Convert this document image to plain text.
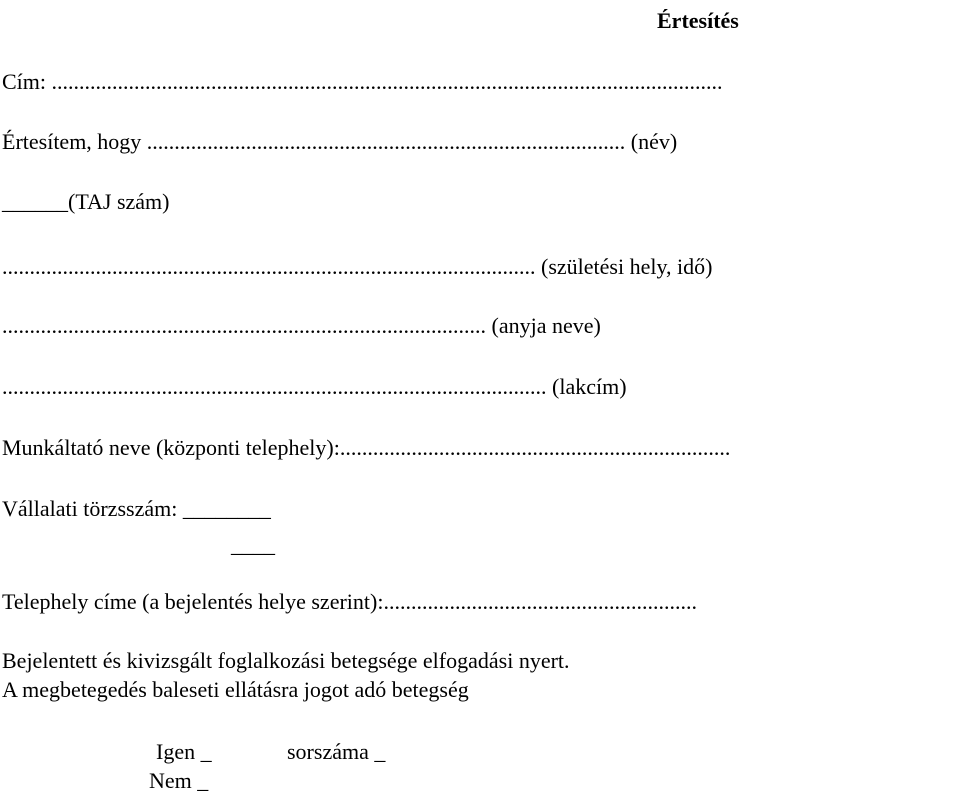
Értesítés
Cím: ..........................................................................................................................
Értesítem, hogy ....................................................................................... (név)
______(TAJ szám)
................................................................................................. (születési hely, idő)
........................................................................................ (anyja neve)
................................................................................................... (lakcím)
Munkáltató neve (központi telephely):.......................................................................
Vállalati törzsszám: ________
____
Telephely címe (a bejelentés helye szerint):.........................................................
Bejelentett és kivizsgált foglalkozási betegsége elfogadási nyert.
A megbetegedés baleseti ellátásra jogot adó betegség
Igen _	sorszáma _
Nem _
